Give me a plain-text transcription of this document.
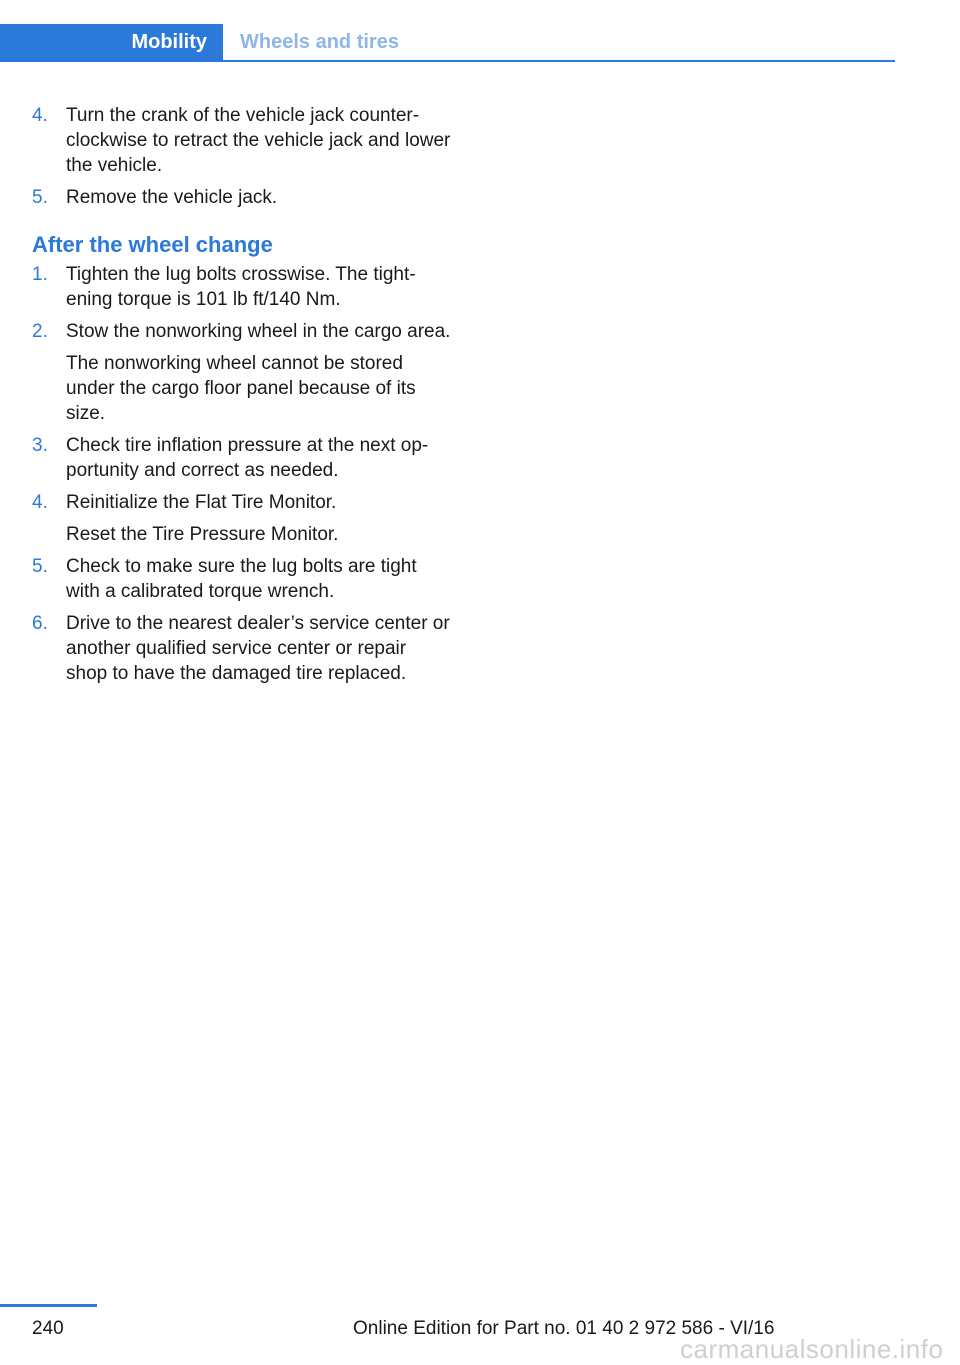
Mobility Wheels and tires
4. Turn the crank of the vehicle jack counter-clockwise to retract the vehicle jack and lower the vehicle.

5. Remove the vehicle jack.

After the wheel change
1. Tighten the lug bolts crosswise. The tight-ening torque is 101 lb ft/140 Nm.

2. Stow the nonworking wheel in the cargo area.

The nonworking wheel cannot be stored under the cargo floor panel because of its size.

3. Check tire inflation pressure at the next op-portunity and correct as needed.

4. Reinitialize the Flat Tire Monitor.

Reset the Tire Pressure Monitor.

5. Check to make sure the lug bolts are tight with a calibrated torque wrench.

6. Drive to the nearest dealer’s service center or another qualified service center or repair shop to have the damaged tire replaced.

240	Online Edition for Part no. 01 40 2 972 586 - VI/16
carmanualsonline.info
